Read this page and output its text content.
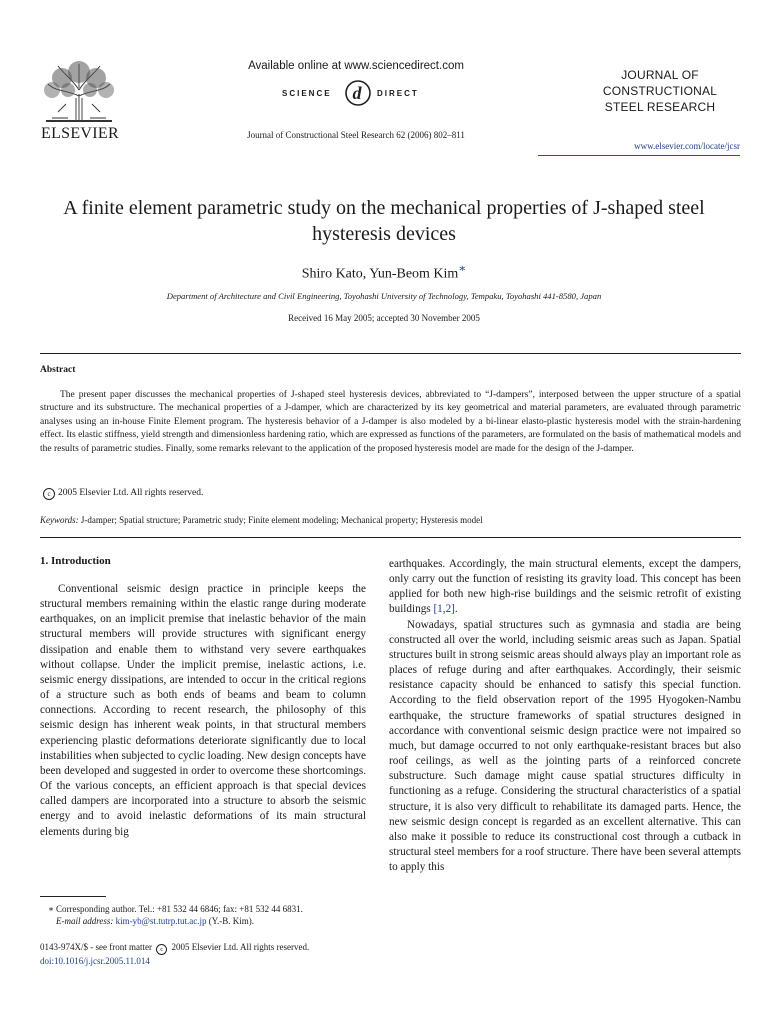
ELSEVIER
Available online at www.sciencedirect.com
SCIENCE d DIRECT
Journal of Constructional Steel Research 62 (2006) 802–811
JOURNAL OF
CONSTRUCTIONAL
STEEL RESEARCH
www.elsevier.com/locate/jcsr
A finite element parametric study on the mechanical properties of J-shaped steel hysteresis devices
Shiro Kato, Yun-Beom Kim∗
Department of Architecture and Civil Engineering, Toyohashi University of Technology, Tempaku, Toyohashi 441-8580, Japan
Received 16 May 2005; accepted 30 November 2005
Abstract

The present paper discusses the mechanical properties of J-shaped steel hysteresis devices, abbreviated to “J-dampers”, interposed between the upper structure of a spatial structure and its substructure. The mechanical properties of a J-damper, which are characterized by its key geometrical and material parameters, are evaluated through parametric analyses using an in-house Finite Element program. The hysteresis behavior of a J-damper is also modeled by a bi-linear elasto-plastic hysteresis model with the strain-hardening effect. Its elastic stiffness, yield strength and dimensionless hardening ratio, which are expressed as functions of the parameters, are formulated on the basis of mathematical models and the results of parametric studies. Finally, some remarks relevant to the application of the proposed hysteresis model are made for the design of the J-damper.

c 2005 Elsevier Ltd. All rights reserved.
Keywords: J-damper; Spatial structure; Parametric study; Finite element modeling; Mechanical property; Hysteresis model
1. Introduction

Conventional seismic design practice in principle keeps the structural members remaining within the elastic range during moderate earthquakes, on an implicit premise that inelastic behavior of the main structural members will provide structures with significant energy dissipation and enable them to withstand very severe earthquakes without collapse. Under the implicit premise, inelastic actions, i.e. seismic energy dissipations, are intended to occur in the critical regions of a structure such as both ends of beams and beam to column connections. According to recent research, the philosophy of this seismic design has inherent weak points, in that structural members experiencing plastic deformations deteriorate significantly due to local instabilities when subjected to cyclic loading. New design concepts have been developed and suggested in order to overcome these shortcomings. Of the various concepts, an efficient approach is that special devices called dampers are incorporated into a structure to absorb the seismic energy and to avoid inelastic deformations of its main structural elements during big

earthquakes. Accordingly, the main structural elements, except the dampers, only carry out the function of resisting its gravity load. This concept has been applied for both new high-rise buildings and the seismic retrofit of existing buildings [1,2].

Nowadays, spatial structures such as gymnasia and stadia are being constructed all over the world, including seismic areas such as Japan. Spatial structures built in strong seismic areas should always play an important role as places of refuge during and after earthquakes. Accordingly, their seismic resistance capacity should be enhanced to satisfy this special function. According to the field observation report of the 1995 Hyogoken-Nambu earthquake, the structure frameworks of spatial structures designed in accordance with conventional seismic design practice were not impaired so much, but damage occurred to not only earthquake-resistant braces but also roof ceilings, as well as the jointing parts of a reinforced concrete substructure. Such damage might cause spatial structures difficulty in functioning as a refuge. Considering the structural characteristics of a spatial structure, it is also very difficult to rehabilitate its damaged parts. Hence, the new seismic design concept is regarded as an excellent alternative. This can also make it possible to reduce its constructional cost through a cutback in structural steel members for a roof structure. There have been several attempts to apply this

∗ Corresponding author. Tel.: +81 532 44 6846; fax: +81 532 44 6831.
E-mail address: kim-yb@st.tutrp.tut.ac.jp (Y.-B. Kim).
0143-974X/$ - see front matter c 2005 Elsevier Ltd. All rights reserved.
doi:10.1016/j.jcsr.2005.11.014
